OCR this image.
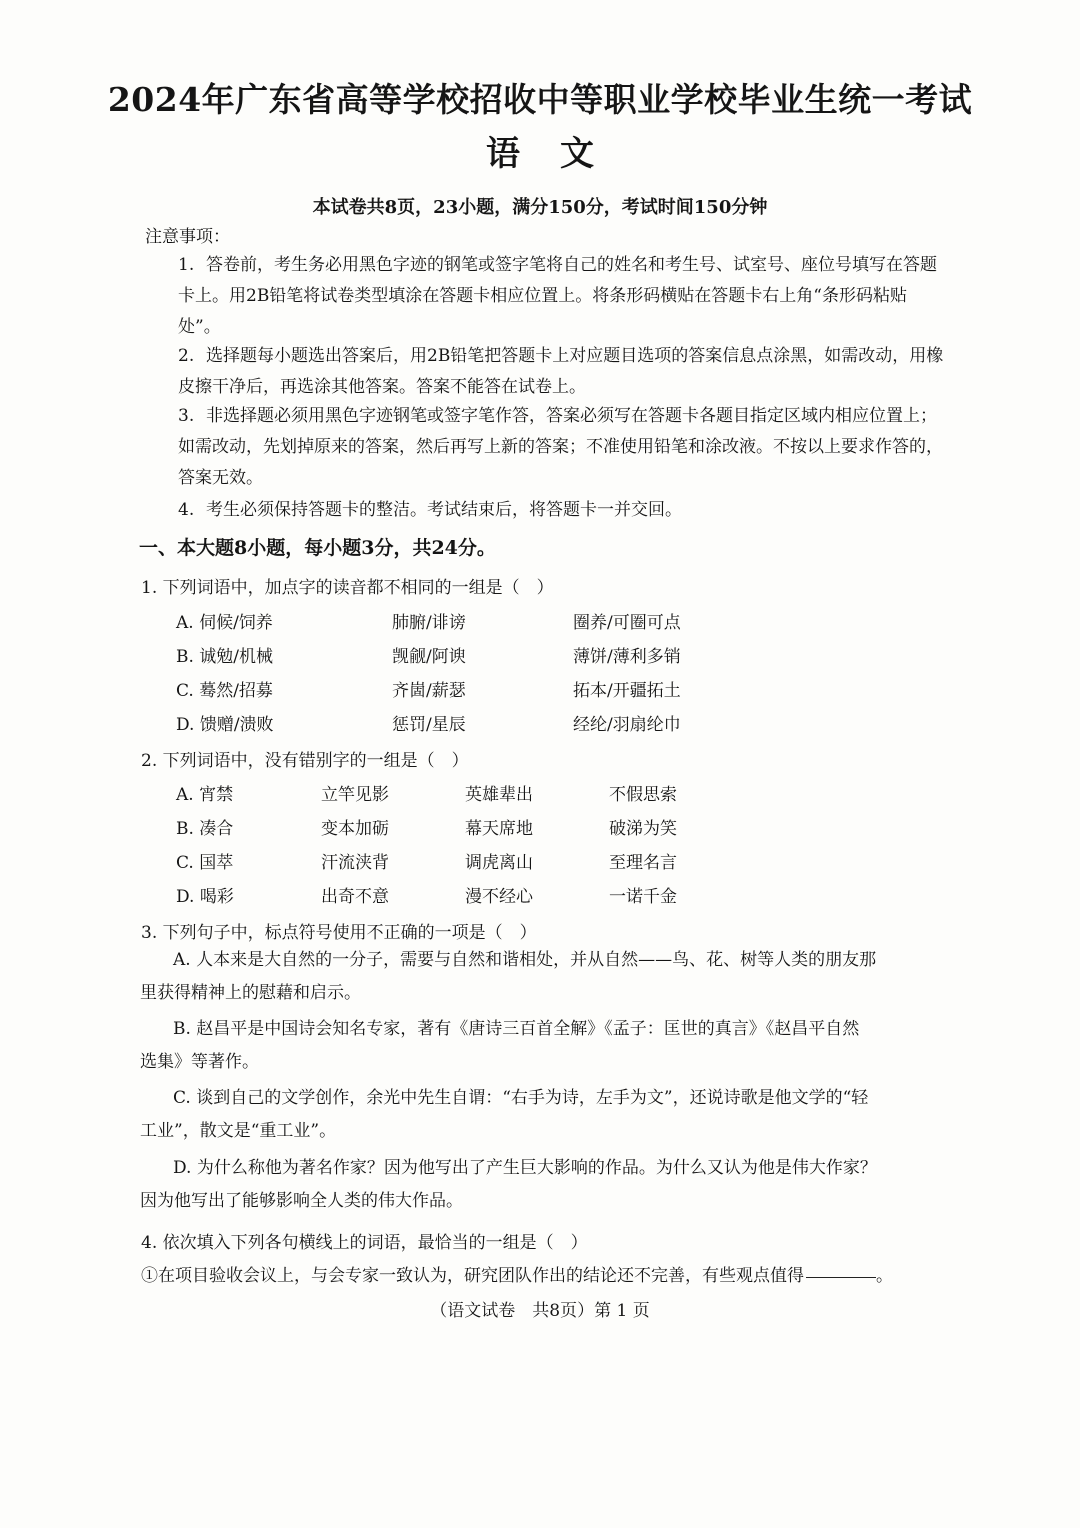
2024年广东省高等学校招收中等职业学校毕业生统一考试
语 文
本试卷共8页，23小题，满分150分，考试时间150分钟
注意事项：
1. 答卷前，考生务必用黑色字迹的钢笔或签字笔将自己的姓名和考生号、试室号、座位号填写在答题卡上。用2B铅笔将试卷类型填涂在答题卡相应位置上。将条形码横贴在答题卡右上角“条形码粘贴处”。
2. 选择题每小题选出答案后，用2B铅笔把答题卡上对应题目选项的答案信息点涂黑，如需改动，用橡皮擦干净后，再选涂其他答案。答案不能答在试卷上。
3. 非选择题必须用黑色字迹钢笔或签字笔作答，答案必须写在答题卡各题目指定区域内相应位置上；如需改动，先划掉原来的答案，然后再写上新的答案；不准使用铅笔和涂改液。不按以上要求作答的，答案无效。
4. 考生必须保持答题卡的整洁。考试结束后，将答题卡一并交回。
一、本大题8小题，每小题3分，共24分。
1. 下列词语中，加点字的读音都不相同的一组是（　）
A. 伺候/饲养	肺腑/诽谤	圈养/可圈可点
B. 诚勉/机械	觊觎/阿谀	薄饼/薄利多销
C. 蓦然/招募	齐崮/薪瑟	拓本/开疆拓土
D. 馈赠/溃败	惩罚/星辰	经纶/羽扇纶巾
2. 下列词语中，没有错别字的一组是（　）
A. 宵禁	立竿见影	英雄辈出	不假思索
B. 凑合	变本加砺	幕天席地	破涕为笑
C. 国萃	汗流浃背	调虎离山	至理名言
D. 喝彩	出奇不意	漫不经心	一诺千金
3. 下列句子中，标点符号使用不正确的一项是（　）
A. 人本来是大自然的一分子，需要与自然和谐相处，并从自然——鸟、花、树等人类的朋友那
里获得精神上的慰藉和启示。
B. 赵昌平是中国诗会知名专家，著有《唐诗三百首全解》《孟子：匡世的真言》《赵昌平自然
选集》等著作。
C. 谈到自己的文学创作，余光中先生自谓：“右手为诗，左手为文”，还说诗歌是他文学的“轻
工业”，散文是“重工业”。
D. 为什么称他为著名作家？因为他写出了产生巨大影响的作品。为什么又认为他是伟大作家？
因为他写出了能够影响全人类的伟大作品。
4. 依次填入下列各句横线上的词语，最恰当的一组是（　）
①在项目验收会议上，与会专家一致认为，研究团队作出的结论还不完善，有些观点值得	。
（语文试卷　共8页）第 1 页
